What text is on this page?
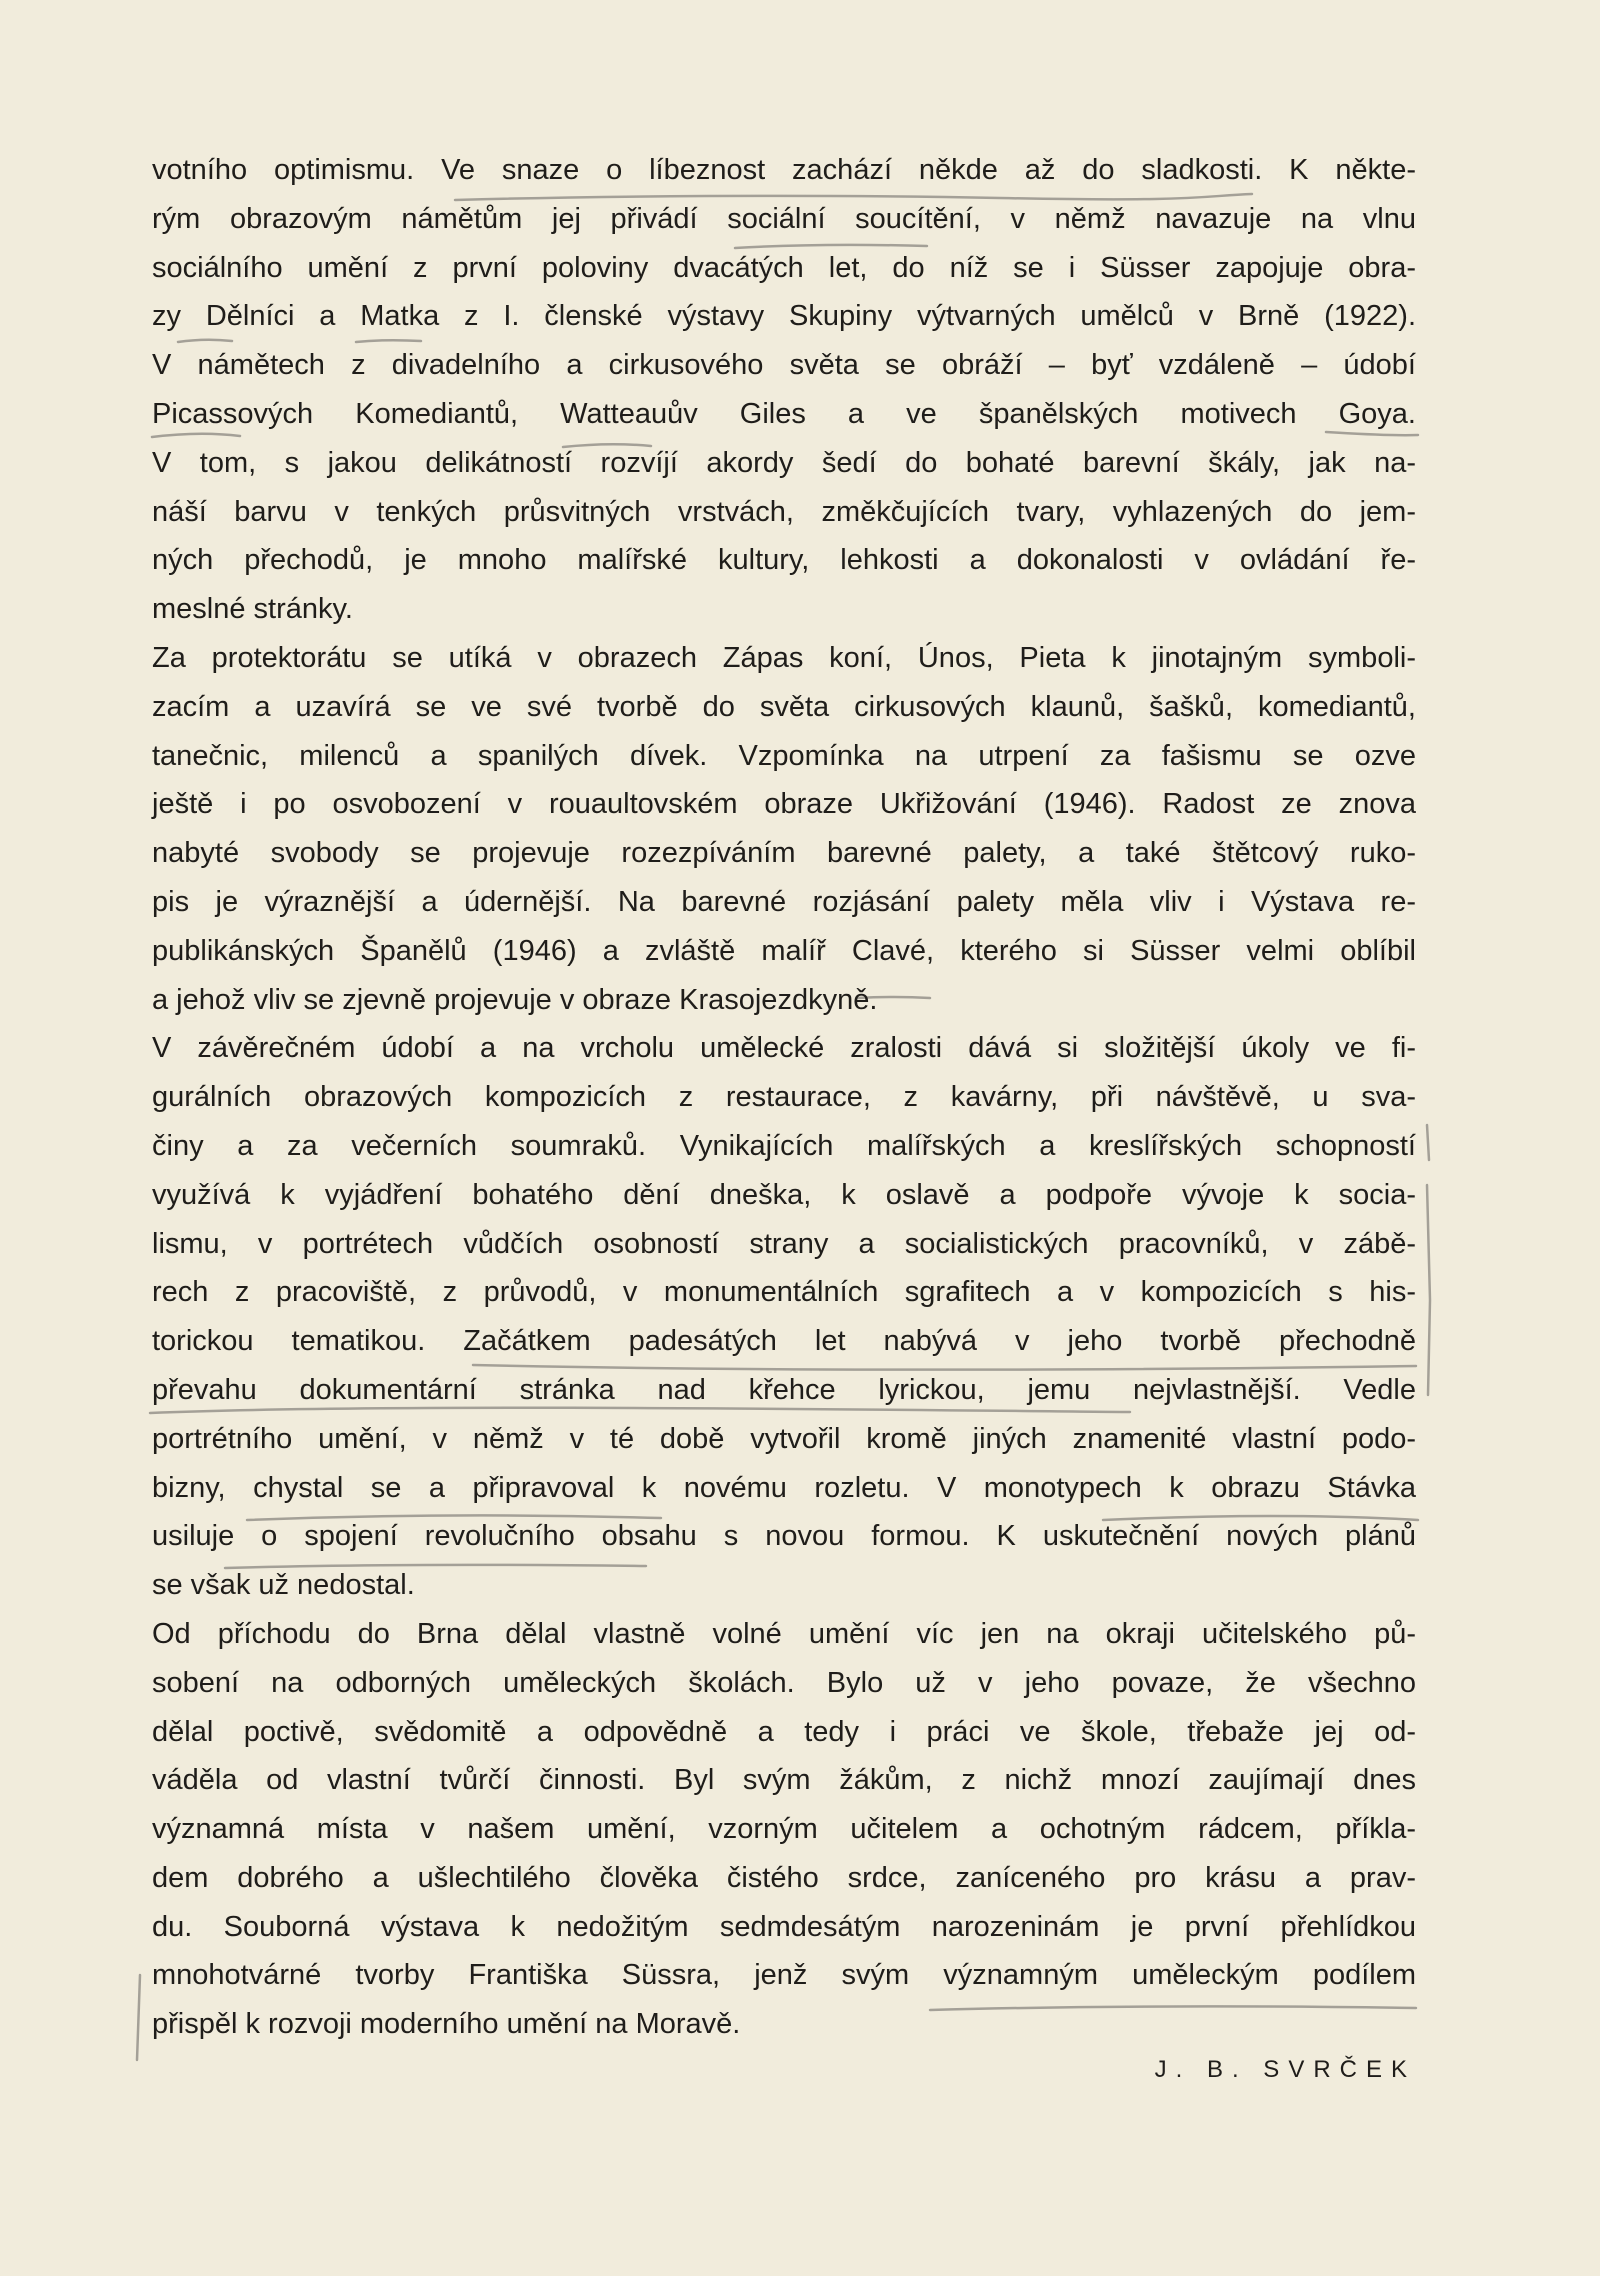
votního optimismu. Ve snaze o líbeznost zachází někde až do sladkosti. K někte-
rým obrazovým námětům jej přivádí sociální soucítění, v němž navazuje na vlnu
sociálního umění z první poloviny dvacátých let, do níž se i Süsser zapojuje obra-
zy Dělníci a Matka z I. členské výstavy Skupiny výtvarných umělců v Brně (1922).
V námětech z divadelního a cirkusového světa se obráží – byť vzdáleně – údobí
Picassových Komediantů, Watteauův Giles a ve španělských motivech Goya.
V tom, s jakou delikátností rozvíjí akordy šedí do bohaté barevní škály, jak na-
náší barvu v tenkých průsvitných vrstvách, změkčujících tvary, vyhlazených do jem-
ných přechodů, je mnoho malířské kultury, lehkosti a dokonalosti v ovládání ře-
meslné stránky.
Za protektorátu se utíká v obrazech Zápas koní, Únos, Pieta k jinotajným symboli-
zacím a uzavírá se ve své tvorbě do světa cirkusových klaunů, šašků, komediantů,
tanečnic, milenců a spanilých dívek. Vzpomínka na utrpení za fašismu se ozve
ještě i po osvobození v rouaultovském obraze Ukřižování (1946). Radost ze znova
nabyté svobody se projevuje rozezpíváním barevné palety, a také štětcový ruko-
pis je výraznější a údernější. Na barevné rozjásání palety měla vliv i Výstava re-
publikánských Španělů (1946) a zvláště malíř Clavé, kterého si Süsser velmi oblíbil
a jehož vliv se zjevně projevuje v obraze Krasojezdkyně.
V závěrečném údobí a na vrcholu umělecké zralosti dává si složitější úkoly ve fi-
gurálních obrazových kompozicích z restaurace, z kavárny, při návštěvě, u sva-
činy a za večerních soumraků. Vynikajících malířských a kreslířských schopností
využívá k vyjádření bohatého dění dneška, k oslavě a podpoře vývoje k socia-
lismu, v portrétech vůdčích osobností strany a socialistických pracovníků, v zábě-
rech z pracoviště, z průvodů, v monumentálních sgrafitech a v kompozicích s his-
torickou tematikou. Začátkem padesátých let nabývá v jeho tvorbě přechodně
převahu dokumentární stránka nad křehce lyrickou, jemu nejvlastnější. Vedle
portrétního umění, v němž v té době vytvořil kromě jiných znamenité vlastní podo-
bizny, chystal se a připravoval k novému rozletu. V monotypech k obrazu Stávka
usiluje o spojení revolučního obsahu s novou formou. K uskutečnění nových plánů
se však už nedostal.
Od příchodu do Brna dělal vlastně volné umění víc jen na okraji učitelského pů-
sobení na odborných uměleckých školách. Bylo už v jeho povaze, že všechno
dělal poctivě, svědomitě a odpovědně a tedy i práci ve škole, třebaže jej od-
váděla od vlastní tvůrčí činnosti. Byl svým žákům, z nichž mnozí zaujímají dnes
významná místa v našem umění, vzorným učitelem a ochotným rádcem, příkla-
dem dobrého a ušlechtilého člověka čistého srdce, zaníceného pro krásu a prav-
du. Souborná výstava k nedožitým sedmdesátým narozeninám je první přehlídkou
mnohotvárné tvorby Františka Süssra, jenž svým významným uměleckým podílem
přispěl k rozvoji moderního umění na Moravě.
J. B. SVRČEK
